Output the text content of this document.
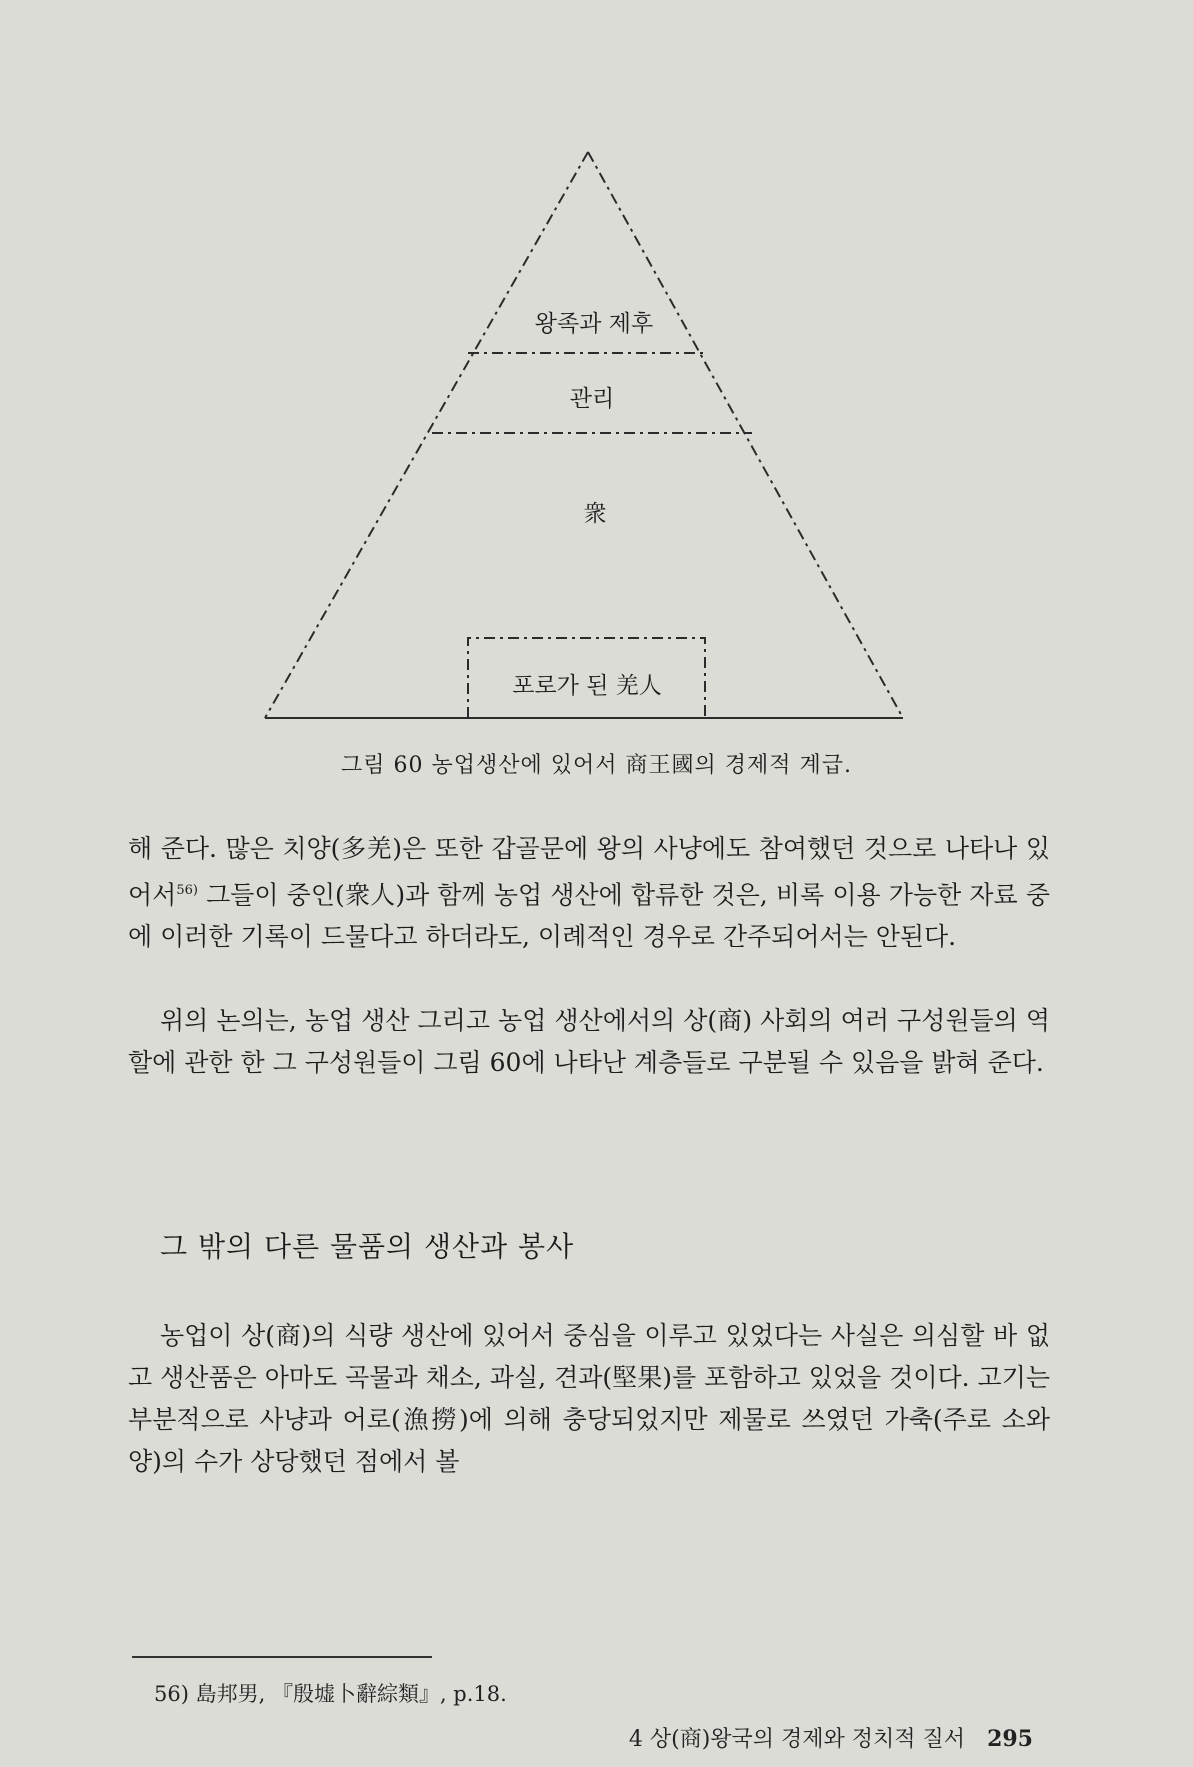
왕족과 제후
관리
衆
포로가 된 羌人
그림 60 농업생산에 있어서 商王國의 경제적 계급.

해 준다. 많은 치양(多羌)은 또한 갑골문에 왕의 사냥에도 참여했던 것으로 나타나 있어서$^{56)}$ 그들이 중인(衆人)과 함께 농업 생산에 합류한 것은, 비록 이용 가능한 자료 중에 이러한 기록이 드물다고 하더라도, 이례적인 경우로 간주되어서는 안된다.

위의 논의는, 농업 생산 그리고 농업 생산에서의 상(商) 사회의 여러 구성원들의 역할에 관한 한 그 구성원들이 그림 60에 나타난 계층들로 구분될 수 있음을 밝혀 준다.

그 밖의 다른 물품의 생산과 봉사

농업이 상(商)의 식량 생산에 있어서 중심을 이루고 있었다는 사실은 의심할 바 없고 생산품은 아마도 곡물과 채소, 과실, 견과(堅果)를 포함하고 있었을 것이다. 고기는 부분적으로 사냥과 어로(漁撈)에 의해 충당되었지만 제물로 쓰였던 가축(주로 소와 양)의 수가 상당했던 점에서 볼

56) 島邦男, 『殷墟卜辭綜類』, p.18.
4 상(商)왕국의 경제와 정치적 질서 295
